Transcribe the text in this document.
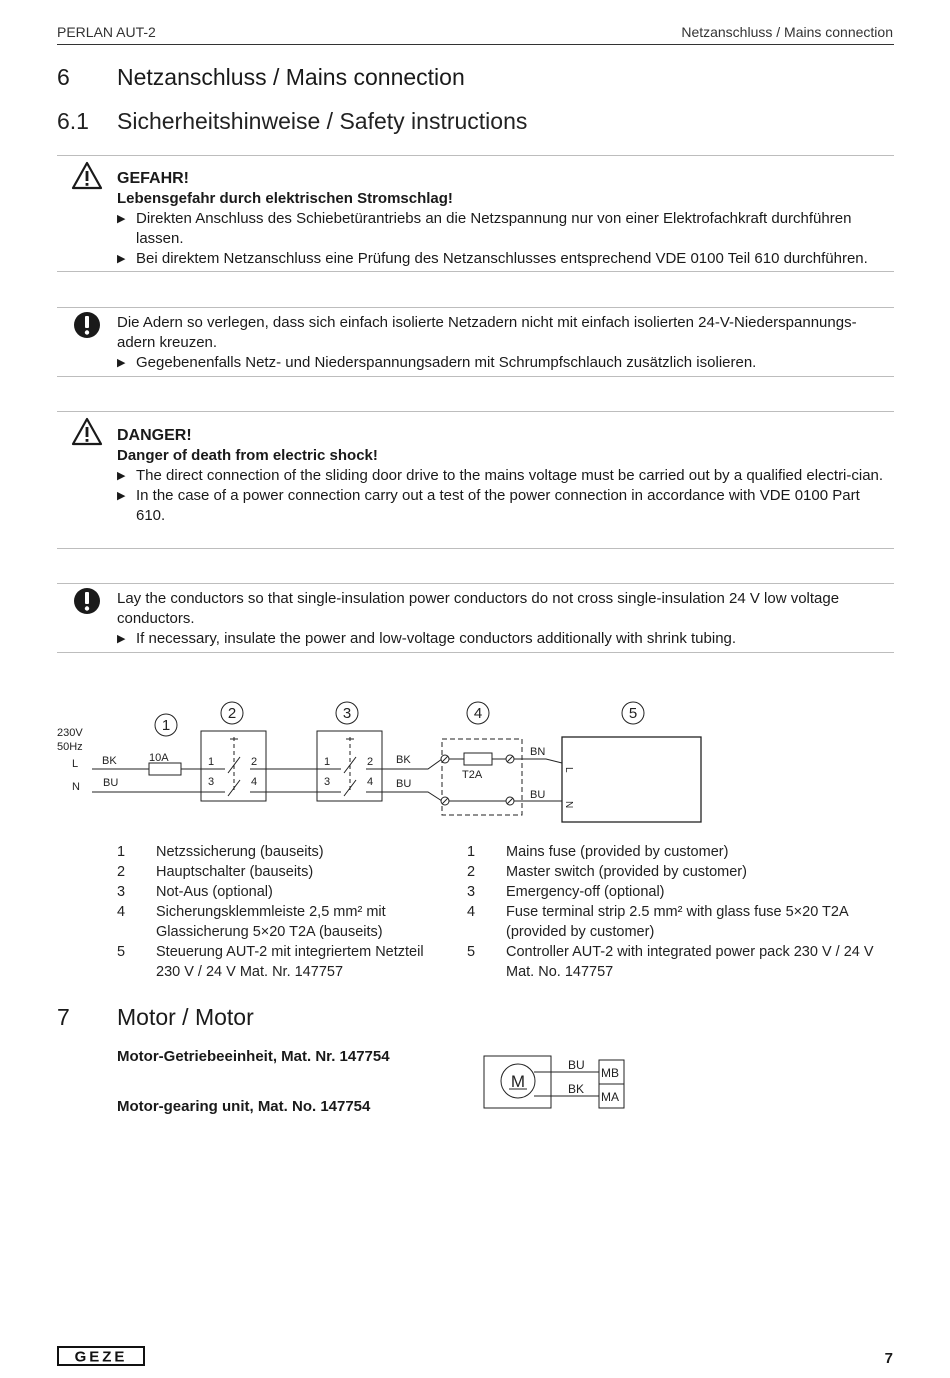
PERLAN AUT-2	Netzanschluss / Mains connection
6 Netzanschluss / Mains connection
6.1 Sicherheitshinweise / Safety instructions
GEFAHR!
Lebensgefahr durch elektrischen Stromschlag!
▶ Direkten Anschluss des Schiebetürantriebs an die Netzspannung nur von einer Elektrofachkraft durchführen lassen.
▶ Bei direktem Netzanschluss eine Prüfung des Netzanschlusses entsprechend VDE 0100 Teil 610 durchführen.
Die Adern so verlegen, dass sich einfach isolierte Netzadern nicht mit einfach isolierten 24-V-Niederspannungs-adern kreuzen.
▶ Gegebenenfalls Netz- und Niederspannungsadern mit Schrumpfschlauch zusätzlich isolieren.
DANGER!
Danger of death from electric shock!
▶ The direct connection of the sliding door drive to the mains voltage must be carried out by a qualified electri-cian.
▶ In the case of a power connection carry out a test of the power connection in accordance with VDE 0100 Part 610.
Lay the conductors so that single-insulation power conductors do not cross single-insulation 24 V low voltage conductors.
▶ If necessary, insulate the power and low-voltage conductors additionally with shrink tubing.
230V
50Hz
L
N
BK
BU
10A	1	2
3	4
1	2
3	4
BK
BU
T2A
BN
BU
L
N
1
2	3	4	5
1	Netzssicherung (bauseits)
2	Hauptschalter (bauseits)
3	Not-Aus (optional)
4	Sicherungsklemmleiste 2,5 mm² mit Glassicherung 5×20 T2A (bauseits)
5	Steuerung AUT-2 mit integriertem Netzteil 230 V / 24 V Mat. Nr. 147757
1	Mains fuse (provided by customer)
2	Master switch (provided by customer)
3	Emergency-off (optional)
4	Fuse terminal strip 2.5 mm² with glass fuse 5×20 T2A (provided by customer)
5	Controller AUT-2 with integrated power pack 230 V / 24 V Mat. No. 147757
7 Motor / Motor
Motor-Getriebeeinheit, Mat. Nr. 147754
Motor-gearing unit, Mat. No. 147754
M
BU
BK
MB
MA
GEZE	7
